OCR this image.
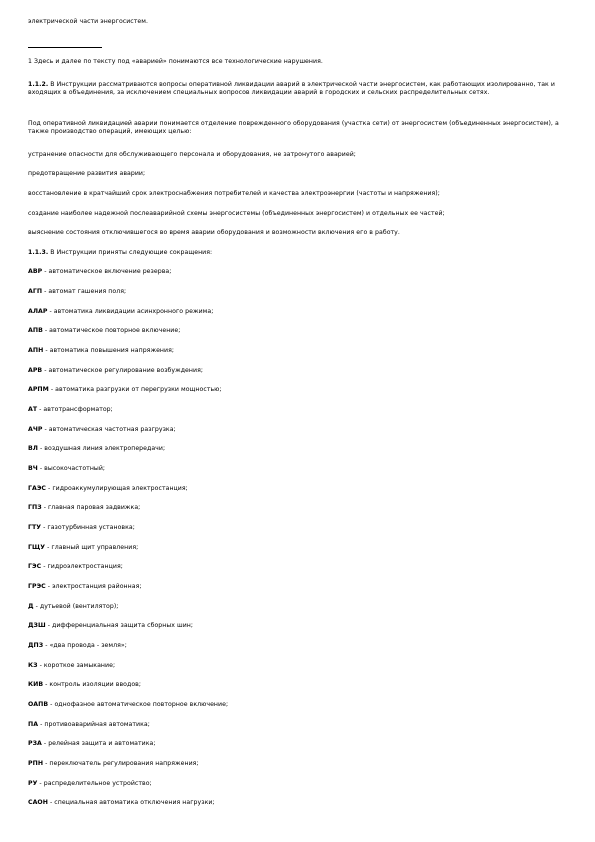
электрической части энергосистем.
1 Здесь и далее по тексту под «аварией» понимаются все технологические нарушения.
1.1.2. В Инструкции рассматриваются вопросы оперативной ликвидации аварий в электрической части энергосистем, как работающих изолированно, так и входящих в объединения, за исключением специальных вопросов ликвидации аварий в городских и сельских распределительных сетях.
Под оперативной ликвидацией аварии понимается отделение поврежденного оборудования (участка сети) от энергосистем (объединенных энергосистем), а также производство операций, имеющих целью:
устранение опасности для обслуживающего персонала и оборудования, не затронутого аварией;
предотвращение развития аварии;
восстановление в кратчайший срок электроснабжения потребителей и качества электроэнергии (частоты и напряжения);
создание наиболее надежной послеаварийной схемы энергосистемы (объединенных энергосистем) и отдельных ее частей;
выяснение состояния отключившегося во время аварии оборудования и возможности включения его в работу.
1.1.3. В Инструкции приняты следующие сокращения:
АВР - автоматическое включение резерва;
АГП - автомат гашения поля;
АЛАР - автоматика ликвидации асинхронного режима;
АПВ - автоматическое повторное включение;
АПН - автоматика повышения напряжения;
АРВ - автоматическое регулирование возбуждения;
АРПМ - автоматика разгрузки от перегрузки мощностью;
АТ - автотрансформатор;
АЧР - автоматическая частотная разгрузка;
ВЛ - воздушная линия электропередачи;
ВЧ - высокочастотный;
ГАЭС - гидроаккумулирующая электростанция;
ГПЗ - главная паровая задвижка;
ГТУ - газотурбинная установка;
ГЩУ - главный щит управления;
ГЭС - гидроэлектростанция;
ГРЭС - электростанция районная;
Д - дутьевой (вентилятор);
ДЗШ - дифференциальная защита сборных шин;
ДПЗ - «два провода - земля»;
КЗ - короткое замыкание;
КИВ - контроль изоляции вводов;
ОАПВ - однофазное автоматическое повторное включение;
ПА - противоаварийная автоматика;
РЗА - релейная защита и автоматика;
РПН - переключатель регулирования напряжения;
РУ - распределительное устройство;
САОН - специальная автоматика отключения нагрузки;
